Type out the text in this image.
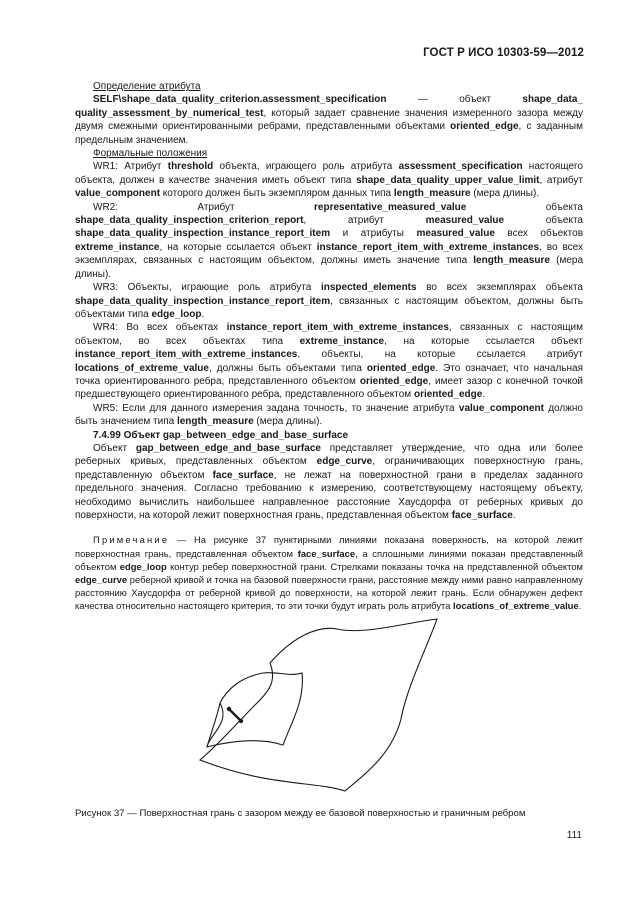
ГОСТ Р ИСО 10303-59—2012

Определение атрибута

SELF\shape_data_quality_criterion.assessment_specification — объект shape_data_ quality_assessment_by_numerical_test, который задает сравнение значения измеренного зазора между двумя смежными ориентированными ребрами, представленными объектами oriented_edge, с заданным предельным значением.

Формальные положения

WR1: Атрибут threshold объекта, играющего роль атрибута assessment_specification настоящего объекта, должен в качестве значения иметь объект типа shape_data_quality_upper_value_limit, атрибут value_component которого должен быть экземпляром данных типа length_measure (мера длины).

WR2: Атрибут representative_measured_value объекта shape_data_quality_inspection_criterion_report, атрибут measured_value объекта shape_data_quality_inspection_instance_report_item и атрибуты measured_value всех объектов extreme_instance, на которые ссылается объект instance_report_item_with_extreme_instances, во всех экземплярах, связанных с настоящим объектом, должны иметь значение типа length_measure (мера длины).

WR3: Объекты, играющие роль атрибута inspected_elements во всех экземплярах объекта shape_data_quality_inspection_instance_report_item, связанных с настоящим объектом, должны быть объектами типа edge_loop.

WR4: Во всех объектах instance_report_item_with_extreme_instances, связанных с настоящим объектом, во всех объектах типа extreme_instance, на которые ссылается объект instance_report_item_with_extreme_instances, объекты, на которые ссылается атрибут locations_of_extreme_value, должны быть объектами типа oriented_edge. Это означает, что начальная точка ориентированного ребра, представленного объектом oriented_edge, имеет зазор с конечной точкой предшествующего ориентированного ребра, представленного объектом oriented_edge.

WR5: Если для данного измерения задана точность, то значение атрибута value_component должно быть значением типа length_measure (мера длины).

7.4.99 Объект gap_between_edge_and_base_surface

Объект gap_between_edge_and_base_surface представляет утверждение, что одна или более реберных кривых, представленных объектом edge_curve, ограничивающих поверхностную грань, представленную объектом face_surface, не лежат на поверхностной грани в пределах заданного предельного значения. Согласно требованию к измерению, соответствующему настоящему объекту, необходимо вычислить наибольшее направленное расстояние Хаусдорфа от реберных кривых до поверхности, на которой лежит поверхностная грань, представленная объектом face_surface.

Примечание — На рисунке 37 пунктирными линиями показана поверхность, на которой лежит поверхностная грань, представленная объектом face_surface, а сплошными линиями показан представленный объектом edge_loop контур ребер поверхностной грани. Стрелками показаны точка на представленной объектом edge_curve реберной кривой и точка на базовой поверхности грани, расстояние между ними равно направленному расстоянию Хаусдорфа от реберной кривой до поверхности, на которой лежит грань. Если обнаружен дефект качества относительно настоящего критерия, то эти точки будут играть роль атрибута locations_of_extreme_value.

Рисунок 37 — Поверхностная грань с зазором между ее базовой поверхностью и граничным ребром
111
